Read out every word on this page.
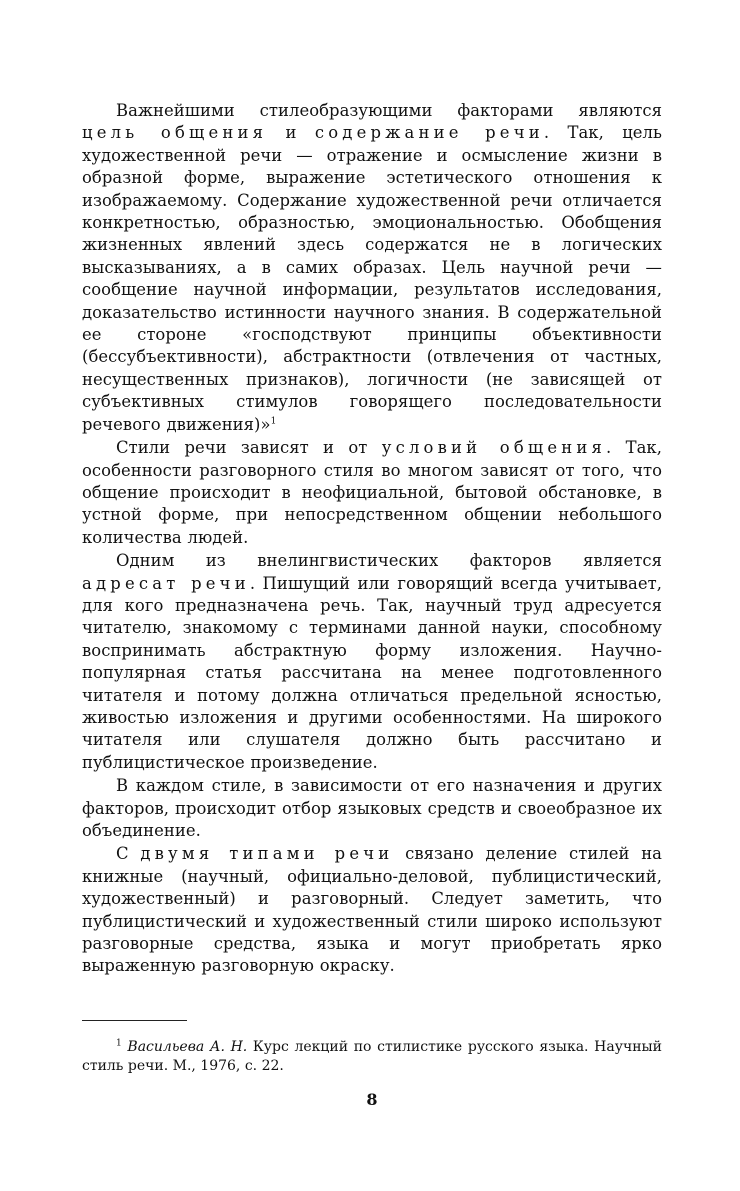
Важнейшими стилеобразующими факторами являются цель общения и содержание речи. Так, цель художественной речи — отражение и осмысление жизни в образной форме, выражение эстетического отношения к изображаемому. Содержание художественной речи отличается конкретностью, образностью, эмоциональностью. Обобщения жизненных явлений здесь содержатся не в логических высказываниях, а в самих образах. Цель научной речи — сообщение научной информации, результатов исследования, доказательство истинности научного знания. В содержательной ее стороне «господствуют принципы объективности (бессубъективности), абстрактности (отвлечения от частных, несущественных признаков), логичности (не зависящей от субъективных стимулов говорящего последовательности речевого движения)»$^1$

Стили речи зависят и от условий общения. Так, особенности разговорного стиля во многом зависят от того, что общение происходит в неофициальной, бытовой обстановке, в устной форме, при непосредственном общении небольшого количества людей.

Одним из внелингвистических факторов является адресат речи. Пишущий или говорящий всегда учитывает, для кого предназначена речь. Так, научный труд адресуется читателю, знакомому с терминами данной науки, способному воспринимать абстрактную форму изложения. Научно-популярная статья рассчитана на менее подготовленного читателя и потому должна отличаться предельной ясностью, живостью изложения и другими особенностями. На широкого читателя или слушателя должно быть рассчитано и публицистическое произведение.

В каждом стиле, в зависимости от его назначения и других факторов, происходит отбор языковых средств и своеобразное их объединение.

С двумя типами речи связано деление стилей на книжные (научный, официально-деловой, публицистический, художественный) и разговорный. Следует заметить, что публицистический и художественный стили широко используют разговорные средства, языка и могут приобретать ярко выраженную разговорную окраску.

$^1$ Васильева А. Н. Курс лекций по стилистике русского языка. Научный стиль речи. М., 1976, с. 22.

8
